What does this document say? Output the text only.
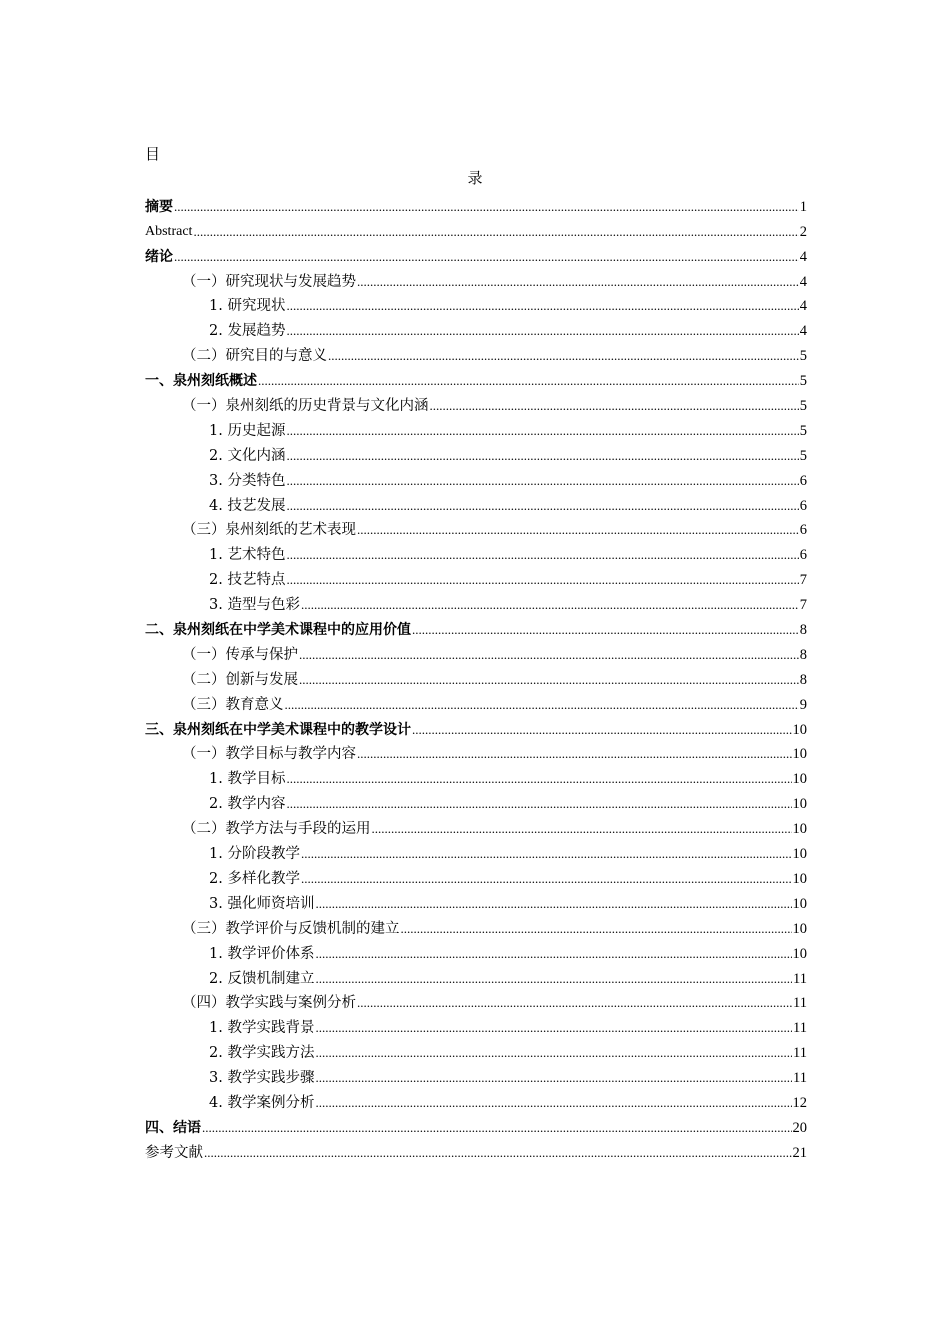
目
录
摘要 .....	1
Abstract .....	2
绪论 .....	4
（一）研究现状与发展趋势 .....	4
1. 研究现状 .....	4
2. 发展趋势 .....	4
（二）研究目的与意义 .....	5
一、泉州刻纸概述 .....	5
（一）泉州刻纸的历史背景与文化内涵 .....	5
1. 历史起源 .....	5
2. 文化内涵 .....	5
3. 分类特色 .....	6
4. 技艺发展 .....	6
（三）泉州刻纸的艺术表现 .....	6
1. 艺术特色 .....	6
2. 技艺特点 .....	7
3. 造型与色彩 .....	7
二、泉州刻纸在中学美术课程中的应用价值 .....	8
（一）传承与保护 .....	8
（二）创新与发展 .....	8
（三）教育意义 .....	9
三、泉州刻纸在中学美术课程中的教学设计 .....	10
（一）教学目标与教学内容 .....	10
1. 教学目标 .....	10
2. 教学内容 .....	10
（二）教学方法与手段的运用 .....	10
1. 分阶段教学 .....	10
2. 多样化教学 .....	10
3. 强化师资培训 .....	10
（三）教学评价与反馈机制的建立 .....	10
1. 教学评价体系 .....	10
2. 反馈机制建立 .....	11
（四）教学实践与案例分析 .....	11
1. 教学实践背景 .....	11
2. 教学实践方法 .....	11
3. 教学实践步骤 .....	11
4. 教学案例分析 .....	12
四、结语 .....	20
参考文献 .....	21
